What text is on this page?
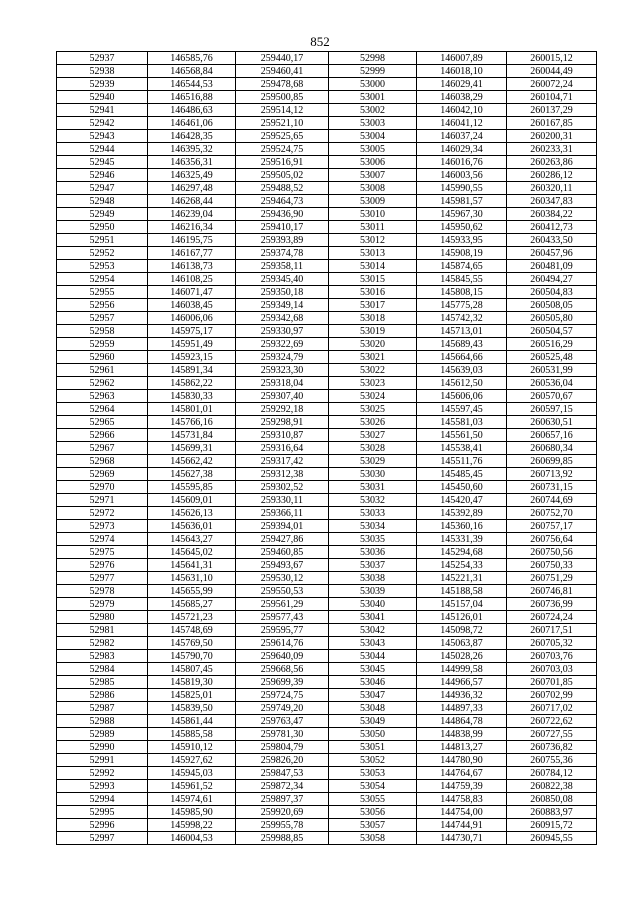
852
52937	146585,76	259440,17	52998	146007,89	260015,12
52938	146568,84	259460,41	52999	146018,10	260044,49
52939	146544,53	259478,68	53000	146029,41	260072,24
52940	146516,88	259500,85	53001	146038,29	260104,71
52941	146486,63	259514,12	53002	146042,10	260137,29
52942	146461,06	259521,10	53003	146041,12	260167,85
52943	146428,35	259525,65	53004	146037,24	260200,31
52944	146395,32	259524,75	53005	146029,34	260233,31
52945	146356,31	259516,91	53006	146016,76	260263,86
52946	146325,49	259505,02	53007	146003,56	260286,12
52947	146297,48	259488,52	53008	145990,55	260320,11
52948	146268,44	259464,73	53009	145981,57	260347,83
52949	146239,04	259436,90	53010	145967,30	260384,22
52950	146216,34	259410,17	53011	145950,62	260412,73
52951	146195,75	259393,89	53012	145933,95	260433,50
52952	146167,77	259374,78	53013	145908,19	260457,96
52953	146138,73	259358,11	53014	145874,65	260481,09
52954	146108,25	259345,40	53015	145845,55	260494,27
52955	146071,47	259350,18	53016	145808,15	260504,83
52956	146038,45	259349,14	53017	145775,28	260508,05
52957	146006,06	259342,68	53018	145742,32	260505,80
52958	145975,17	259330,97	53019	145713,01	260504,57
52959	145951,49	259322,69	53020	145689,43	260516,29
52960	145923,15	259324,79	53021	145664,66	260525,48
52961	145891,34	259323,30	53022	145639,03	260531,99
52962	145862,22	259318,04	53023	145612,50	260536,04
52963	145830,33	259307,40	53024	145606,06	260570,67
52964	145801,01	259292,18	53025	145597,45	260597,15
52965	145766,16	259298,91	53026	145581,03	260630,51
52966	145731,84	259310,87	53027	145561,50	260657,16
52967	145699,31	259316,64	53028	145538,41	260680,34
52968	145662,42	259317,42	53029	145511,76	260699,85
52969	145627,38	259312,38	53030	145485,45	260713,92
52970	145595,85	259302,52	53031	145450,60	260731,15
52971	145609,01	259330,11	53032	145420,47	260744,69
52972	145626,13	259366,11	53033	145392,89	260752,70
52973	145636,01	259394,01	53034	145360,16	260757,17
52974	145643,27	259427,86	53035	145331,39	260756,64
52975	145645,02	259460,85	53036	145294,68	260750,56
52976	145641,31	259493,67	53037	145254,33	260750,33
52977	145631,10	259530,12	53038	145221,31	260751,29
52978	145655,99	259550,53	53039	145188,58	260746,81
52979	145685,27	259561,29	53040	145157,04	260736,99
52980	145721,23	259577,43	53041	145126,01	260724,24
52981	145748,69	259595,77	53042	145098,72	260717,51
52982	145769,50	259614,76	53043	145063,87	260705,32
52983	145790,70	259640,09	53044	145028,26	260703,76
52984	145807,45	259668,56	53045	144999,58	260703,03
52985	145819,30	259699,39	53046	144966,57	260701,85
52986	145825,01	259724,75	53047	144936,32	260702,99
52987	145839,50	259749,20	53048	144897,33	260717,02
52988	145861,44	259763,47	53049	144864,78	260722,62
52989	145885,58	259781,30	53050	144838,99	260727,55
52990	145910,12	259804,79	53051	144813,27	260736,82
52991	145927,62	259826,20	53052	144780,90	260755,36
52992	145945,03	259847,53	53053	144764,67	260784,12
52993	145961,52	259872,34	53054	144759,39	260822,38
52994	145974,61	259897,37	53055	144758,83	260850,08
52995	145985,90	259920,69	53056	144754,00	260883,97
52996	145998,22	259955,78	53057	144744,91	260915,72
52997	146004,53	259988,85	53058	144730,71	260945,55
